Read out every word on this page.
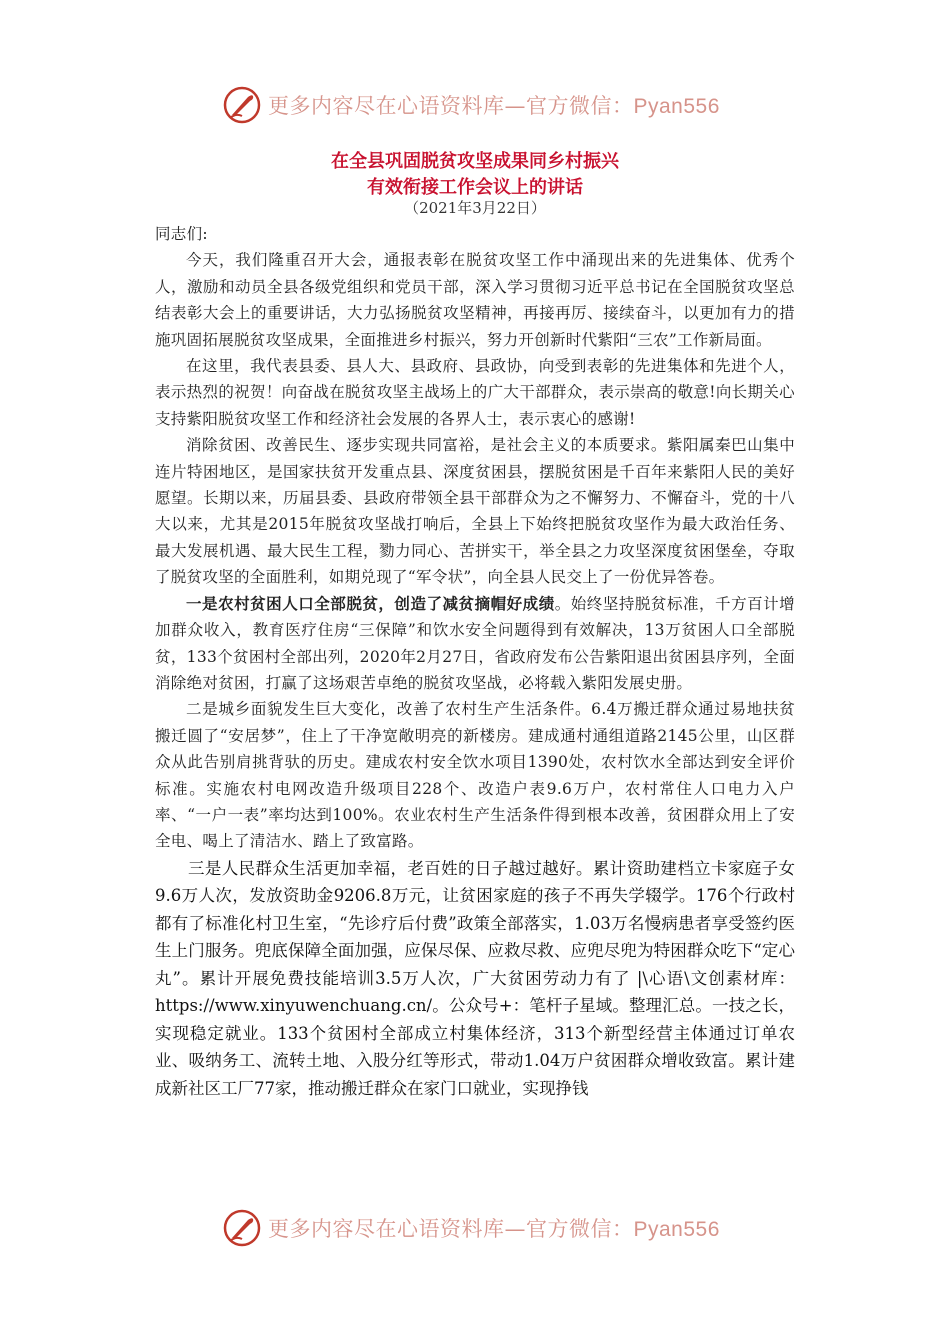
更多内容尽在心语资料库—官方微信：Pyan556
在全县巩固脱贫攻坚成果同乡村振兴
有效衔接工作会议上的讲话
（2021年3月22日）

同志们:

今天，我们隆重召开大会，通报表彰在脱贫攻坚工作中涌现出来的先进集体、优秀个人，激励和动员全县各级党组织和党员干部，深入学习贯彻习近平总书记在全国脱贫攻坚总结表彰大会上的重要讲话，大力弘扬脱贫攻坚精神，再接再厉、接续奋斗，以更加有力的措施巩固拓展脱贫攻坚成果，全面推进乡村振兴，努力开创新时代紫阳“三农”工作新局面。

在这里，我代表县委、县人大、县政府、县政协，向受到表彰的先进集体和先进个人，表示热烈的祝贺！向奋战在脱贫攻坚主战场上的广大干部群众，表示崇高的敬意!向长期关心支持紫阳脱贫攻坚工作和经济社会发展的各界人士，表示衷心的感谢!

消除贫困、改善民生、逐步实现共同富裕，是社会主义的本质要求。紫阳属秦巴山集中连片特困地区，是国家扶贫开发重点县、深度贫困县，摆脱贫困是千百年来紫阳人民的美好愿望。长期以来，历届县委、县政府带领全县干部群众为之不懈努力、不懈奋斗，党的十八大以来，尤其是2015年脱贫攻坚战打响后，全县上下始终把脱贫攻坚作为最大政治任务、最大发展机遇、最大民生工程，勠力同心、苦拼实干，举全县之力攻坚深度贫困堡垒，夺取了脱贫攻坚的全面胜利，如期兑现了“军令状”，向全县人民交上了一份优异答卷。

一是农村贫困人口全部脱贫，创造了减贫摘帽好成绩。始终坚持脱贫标准，千方百计增加群众收入，教育医疗住房“三保障”和饮水安全问题得到有效解决，13万贫困人口全部脱贫，133个贫困村全部出列，2020年2月27日，省政府发布公告紫阳退出贫困县序列，全面消除绝对贫困，打赢了这场艰苦卓绝的脱贫攻坚战，必将载入紫阳发展史册。

二是城乡面貌发生巨大变化，改善了农村生产生活条件。6.4万搬迁群众通过易地扶贫搬迁圆了“安居梦”，住上了干净宽敞明亮的新楼房。建成通村通组道路2145公里，山区群众从此告别肩挑背驮的历史。建成农村安全饮水项目1390处，农村饮水全部达到安全评价标准。实施农村电网改造升级项目228个、改造户表9.6万户，农村常住人口电力入户率、“一户一表”率均达到100%。农业农村生产生活条件得到根本改善，贫困群众用上了安全电、喝上了清洁水、踏上了致富路。

三是人民群众生活更加幸福，老百姓的日子越过越好。累计资助建档立卡家庭子女9.6万人次，发放资助金9206.8万元，让贫困家庭的孩子不再失学辍学。176个行政村都有了标准化村卫生室，“先诊疗后付费”政策全部落实，1.03万名慢病患者享受签约医生上门服务。兜底保障全面加强，应保尽保、应救尽救、应兜尽兜为特困群众吃下“定心丸”。累计开展免费技能培训3.5万人次，广大贫困劳动力有了 |\心语\文创素材库：https://www.xinyuwenchuang.cn/。公众号+：笔杆子星域。整理汇总。一技之长，实现稳定就业。133个贫困村全部成立村集体经济，313个新型经营主体通过订单农业、吸纳务工、流转土地、入股分红等形式，带动1.04万户贫困群众增收致富。累计建成新社区工厂77家，推动搬迁群众在家门口就业，实现挣钱

更多内容尽在心语资料库—官方微信：Pyan556
